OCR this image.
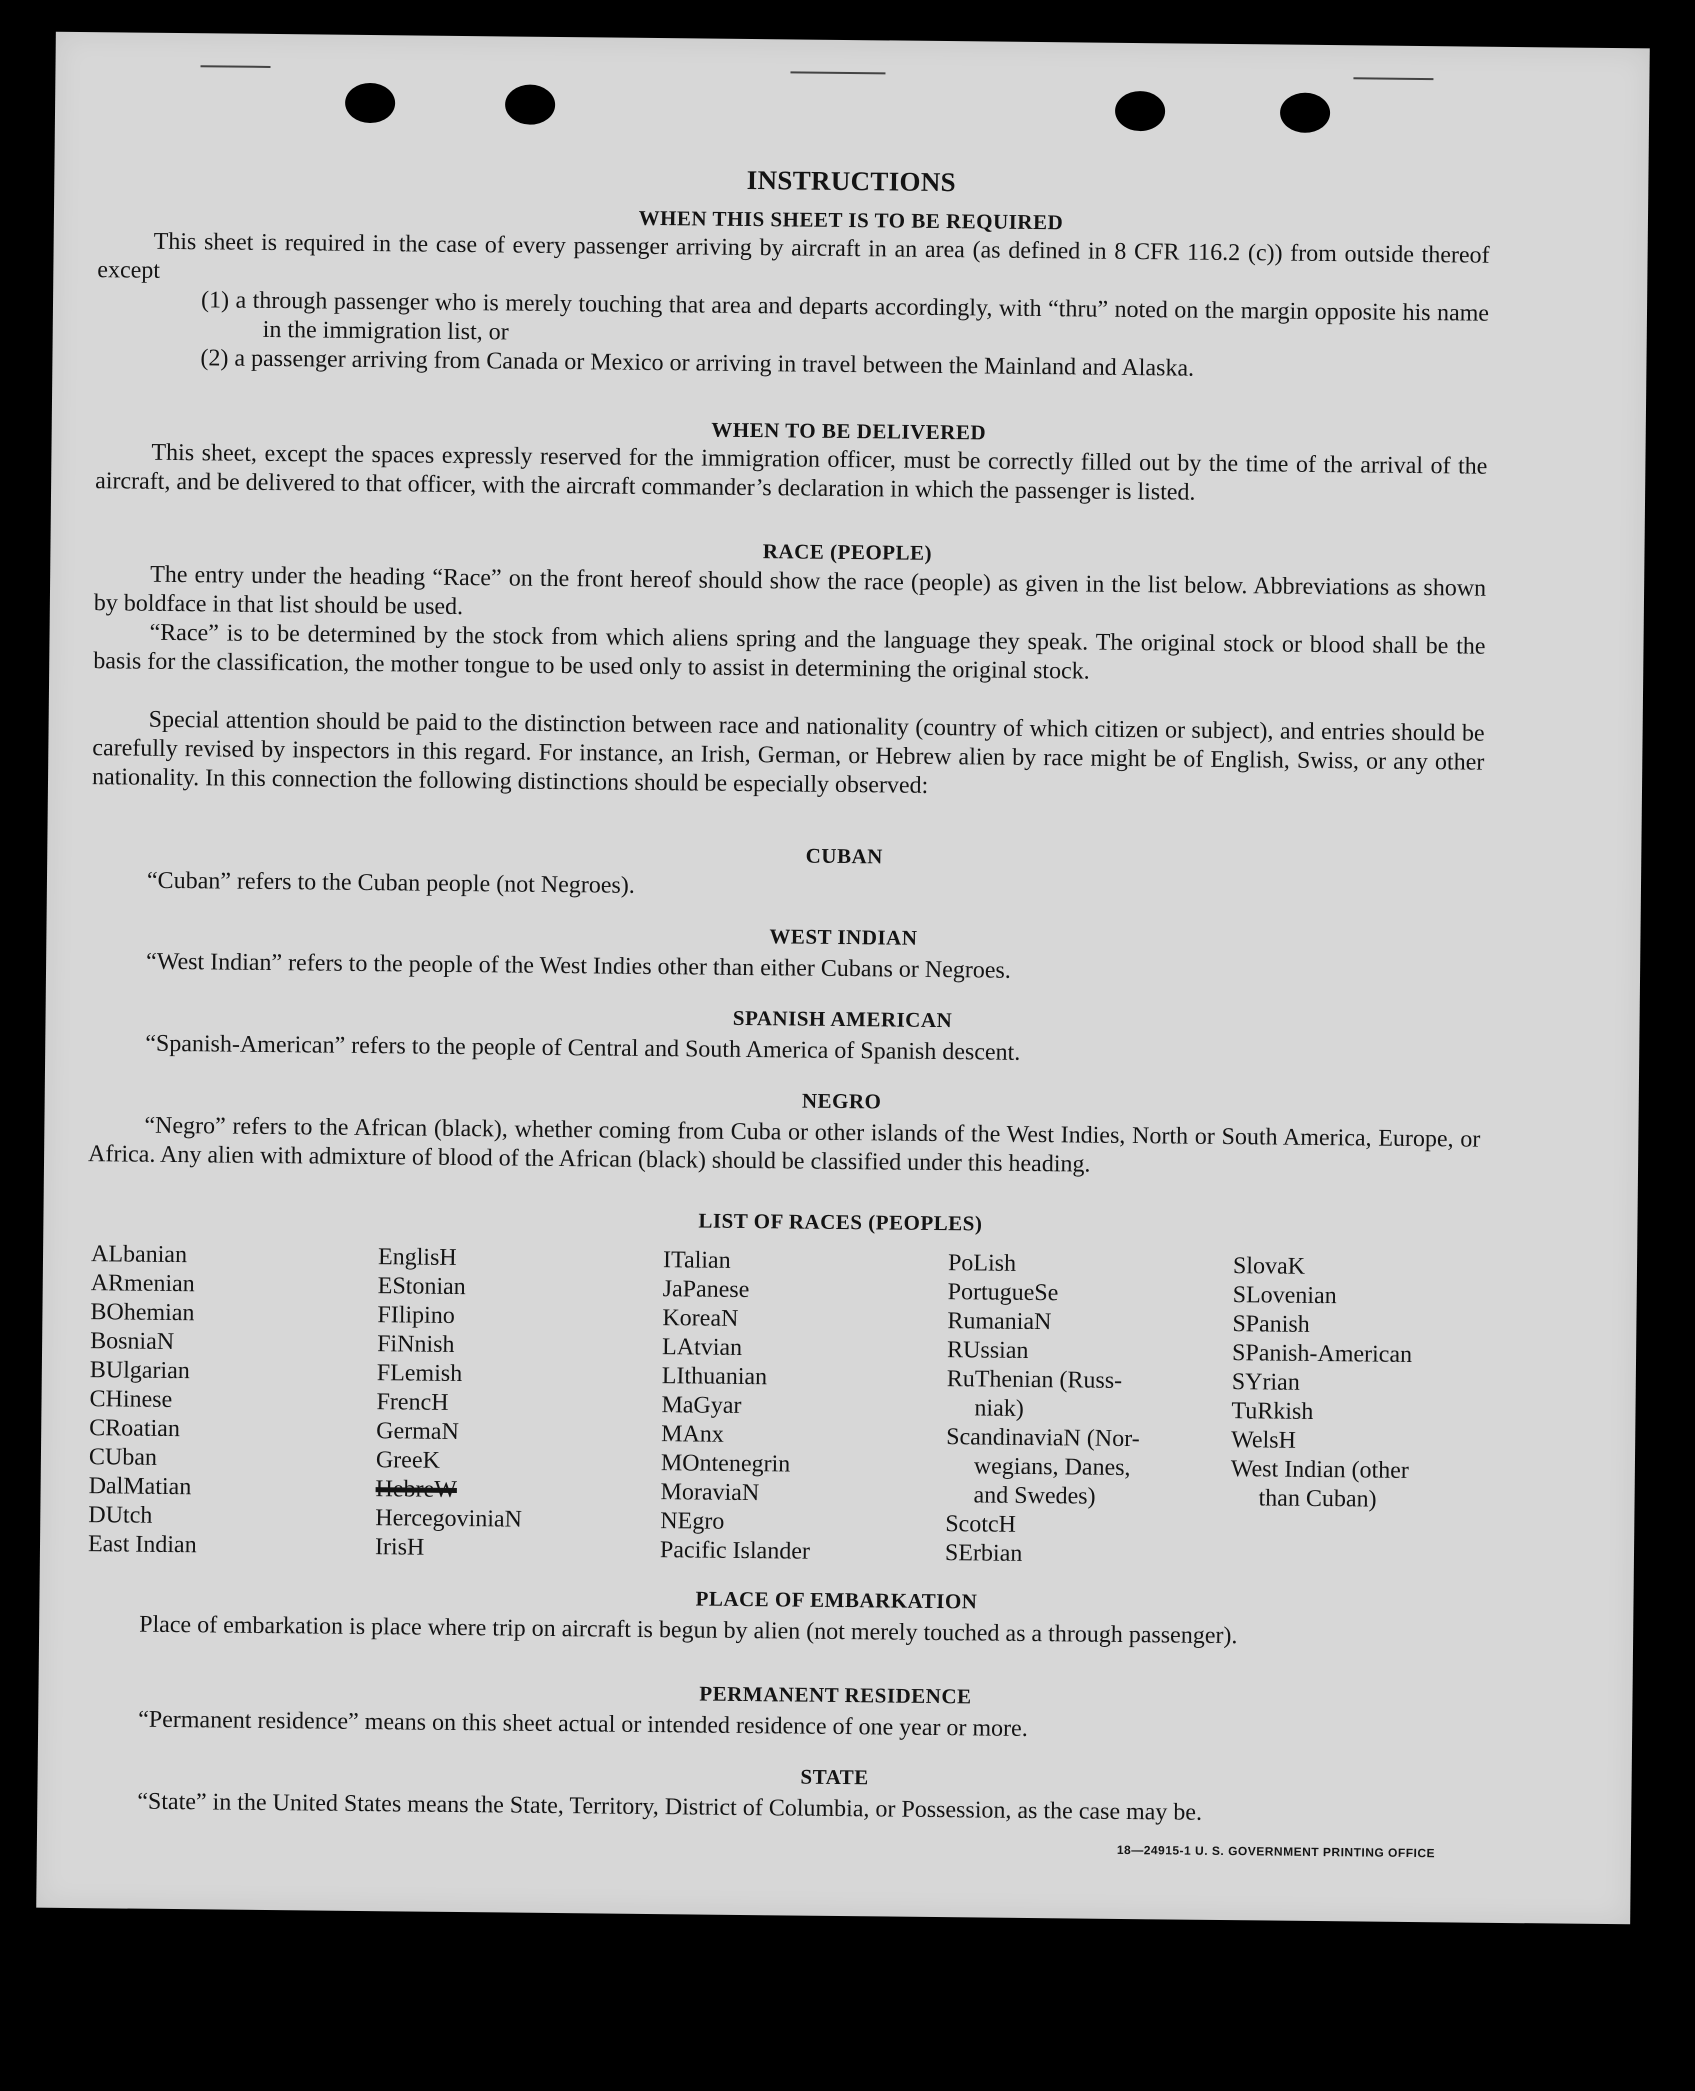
INSTRUCTIONS
WHEN THIS SHEET IS TO BE REQUIRED
This sheet is required in the case of every passenger arriving by aircraft in an area (as defined in 8 CFR 116.2 (c)) from outside thereof except
(1) a through passenger who is merely touching that area and departs accordingly, with “thru” noted on the margin opposite his name in the immigration list, or
(2) a passenger arriving from Canada or Mexico or arriving in travel between the Mainland and Alaska.
WHEN TO BE DELIVERED
This sheet, except the spaces expressly reserved for the immigration officer, must be correctly filled out by the time of the arrival of the aircraft, and be delivered to that officer, with the aircraft commander’s declaration in which the passenger is listed.
RACE (PEOPLE)
The entry under the heading “Race” on the front hereof should show the race (people) as given in the list below. Abbreviations as shown by boldface in that list should be used.
“Race” is to be determined by the stock from which aliens spring and the language they speak. The original stock or blood shall be the basis for the classification, the mother tongue to be used only to assist in determining the original stock.
Special attention should be paid to the distinction between race and nationality (country of which citizen or subject), and entries should be carefully revised by inspectors in this regard. For instance, an Irish, German, or Hebrew alien by race might be of English, Swiss, or any other nationality. In this connection the following distinctions should be especially observed:
CUBAN
“Cuban” refers to the Cuban people (not Negroes).
WEST INDIAN
“West Indian” refers to the people of the West Indies other than either Cubans or Negroes.
SPANISH AMERICAN
“Spanish-American” refers to the people of Central and South America of Spanish descent.
NEGRO
“Negro” refers to the African (black), whether coming from Cuba or other islands of the West Indies, North or South America, Europe, or Africa. Any alien with admixture of blood of the African (black) should be classified under this heading.
LIST OF RACES (PEOPLES)
ALbanian
ARmenian
BOhemian
BosniaN
BUlgarian
CHinese
CRoatian
CUban
DalMatian
DUtch
East Indian
EnglisH
EStonian
FIlipino
FiNnish
FLemish
FrencH
GermaN
GreeK
HebreW
HercegoviniaN
IrisH
ITalian
JaPanese
KoreaN
LAtvian
LIthuanian
MaGyar
MAnx
MOntenegrin
MoraviaN
NEgro
Pacific Islander
PoLish
PortugueSe
RumaniaN
RUssian
RuThenian (Russ-
niak)
ScandinaviaN (Nor-
wegians, Danes,
and Swedes)
ScotcH
SErbian
SlovaK
SLovenian
SPanish
SPanish-American
SYrian
TuRkish
WelsH
West Indian (other
than Cuban)
PLACE OF EMBARKATION
Place of embarkation is place where trip on aircraft is begun by alien (not merely touched as a through passenger).
PERMANENT RESIDENCE
“Permanent residence” means on this sheet actual or intended residence of one year or more.
STATE
“State” in the United States means the State, Territory, District of Columbia, or Possession, as the case may be.
18—24915-1 U. S. GOVERNMENT PRINTING OFFICE
